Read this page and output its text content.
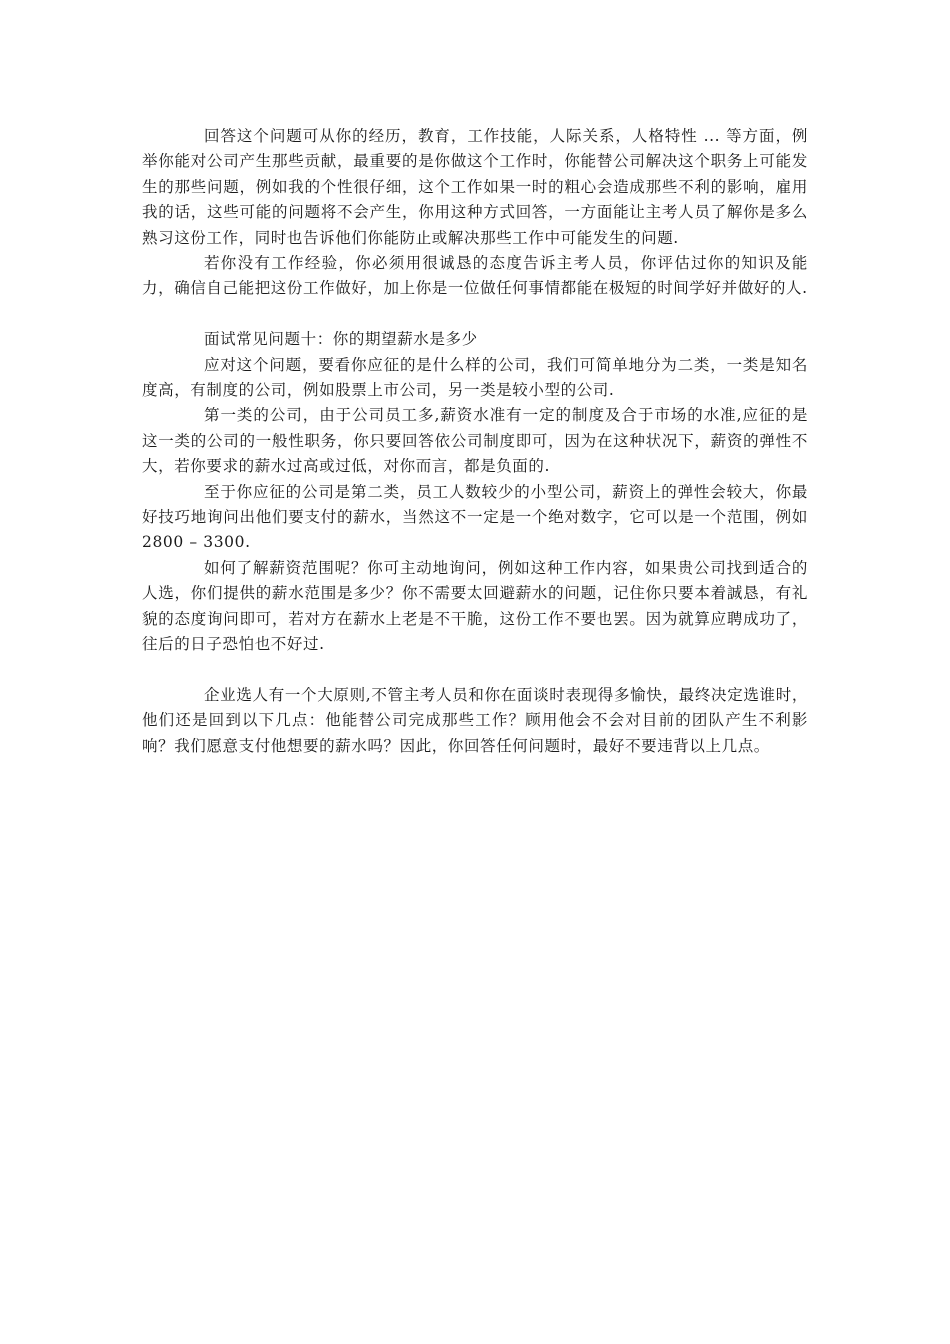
回答这个问题可从你的经历，教育，工作技能，人际关系，人格特性 ... 等方面，例举你能对公司产生那些贡献，最重要的是你做这个工作时，你能替公司解决这个职务上可能发生的那些问题，例如我的个性很仔细，这个工作如果一时的粗心会造成那些不利的影响，雇用我的话，这些可能的问题将不会产生，你用这种方式回答，一方面能让主考人员了解你是多么熟习这份工作，同时也告诉他们你能防止或解决那些工作中可能发生的问题.

若你没有工作经验，你必须用很诚恳的态度告诉主考人员，你评估过你的知识及能力，确信自己能把这份工作做好，加上你是一位做任何事情都能在极短的时间学好并做好的人.

面试常见问题十：你的期望薪水是多少

应对这个问题，要看你应征的是什么样的公司，我们可简单地分为二类，一类是知名度高，有制度的公司，例如股票上市公司，另一类是较小型的公司.

第一类的公司，由于公司员工多,薪资水准有一定的制度及合于市场的水准,应征的是这一类的公司的一般性职务，你只要回答依公司制度即可，因为在这种状况下，薪资的弹性不大，若你要求的薪水过高或过低，对你而言，都是负面的.

至于你应征的公司是第二类，员工人数较少的小型公司，薪资上的弹性会较大，你最好技巧地询问出他们要支付的薪水，当然这不一定是一个绝对数字，它可以是一个范围，例如 2800 – 3300.

如何了解薪资范围呢？你可主动地询问，例如这种工作内容，如果贵公司找到适合的人选，你们提供的薪水范围是多少？你不需要太回避薪水的问题，记住你只要本着誠恳，有礼貌的态度询问即可，若对方在薪水上老是不干脆，这份工作不要也罢。因为就算应聘成功了，往后的日子恐怕也不好过.

企业选人有一个大原则,不管主考人员和你在面谈时表现得多愉快，最终决定选谁时，他们还是回到以下几点：他能替公司完成那些工作？顾用他会不会对目前的团队产生不利影响？我们愿意支付他想要的薪水吗？因此，你回答任何问题时，最好不要违背以上几点。
